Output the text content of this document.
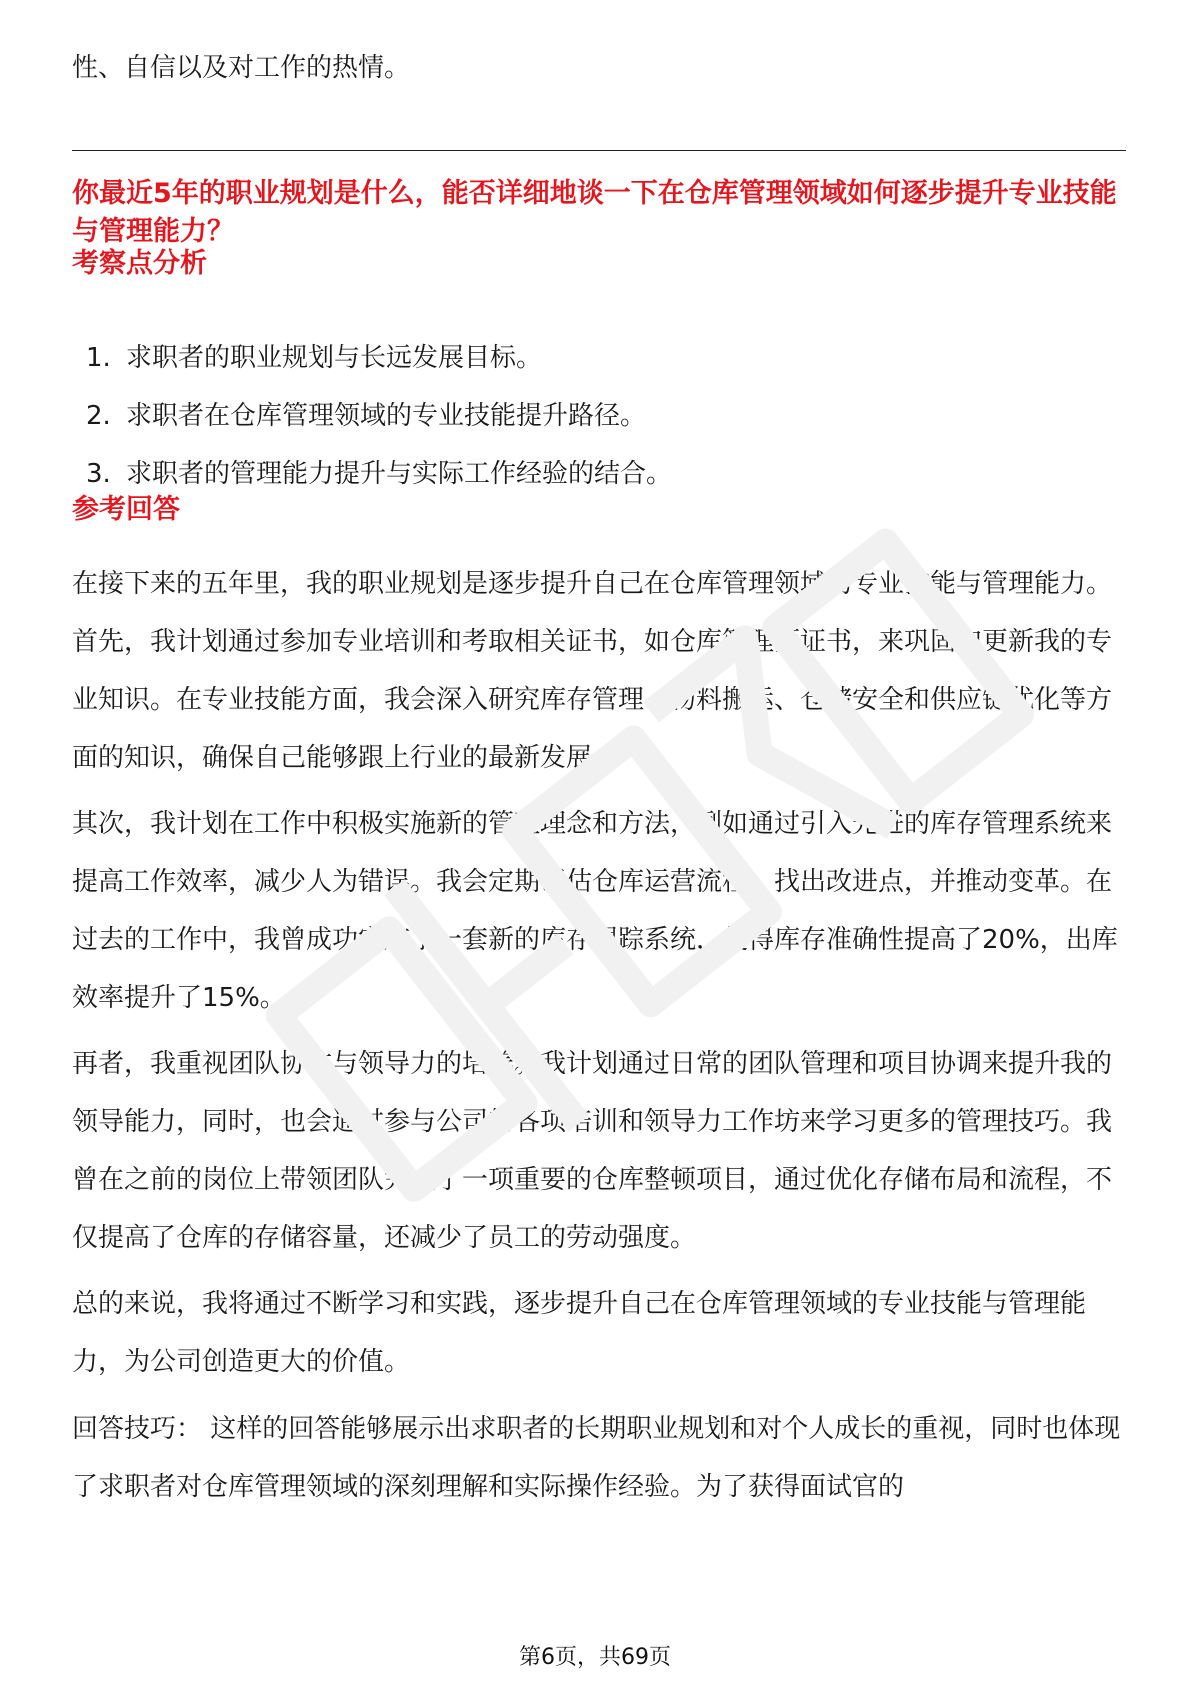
性、自信以及对工作的热情。

你最近5年的职业规划是什么，能否详细地谈一下在仓库管理领域如何逐步提升专业技能与管理能力？

考察点分析

1. 求职者的职业规划与长远发展目标。
2. 求职者在仓库管理领域的专业技能提升路径。
3. 求职者的管理能力提升与实际工作经验的结合。

参考回答

在接下来的五年里，我的职业规划是逐步提升自己在仓库管理领域的专业技能与管理能力。首先，我计划通过参加专业培训和考取相关证书，如仓库管理师证书，来巩固和更新我的专业知识。在专业技能方面，我会深入研究库存管理、物料搬运、仓储安全和供应链优化等方面的知识，确保自己能够跟上行业的最新发展。

其次，我计划在工作中积极实施新的管理理念和方法，例如通过引入先进的库存管理系统来提高工作效率，减少人为错误。我会定期评估仓库运营流程，找出改进点，并推动变革。在过去的工作中，我曾成功实施了一套新的库存跟踪系统，使得库存准确性提高了20%，出库效率提升了15%。

再者，我重视团队协作与领导力的培养。我计划通过日常的团队管理和项目协调来提升我的领导能力，同时，也会通过参与公司的各项培训和领导力工作坊来学习更多的管理技巧。我曾在之前的岗位上带领团队完成了一项重要的仓库整顿项目，通过优化存储布局和流程，不仅提高了仓库的存储容量，还减少了员工的劳动强度。

总的来说，我将通过不断学习和实践，逐步提升自己在仓库管理领域的专业技能与管理能力，为公司创造更大的价值。

回答技巧： 这样的回答能够展示出求职者的长期职业规划和对个人成长的重视，同时也体现了求职者对仓库管理领域的深刻理解和实际操作经验。为了获得面试官的

第6页，共69页
